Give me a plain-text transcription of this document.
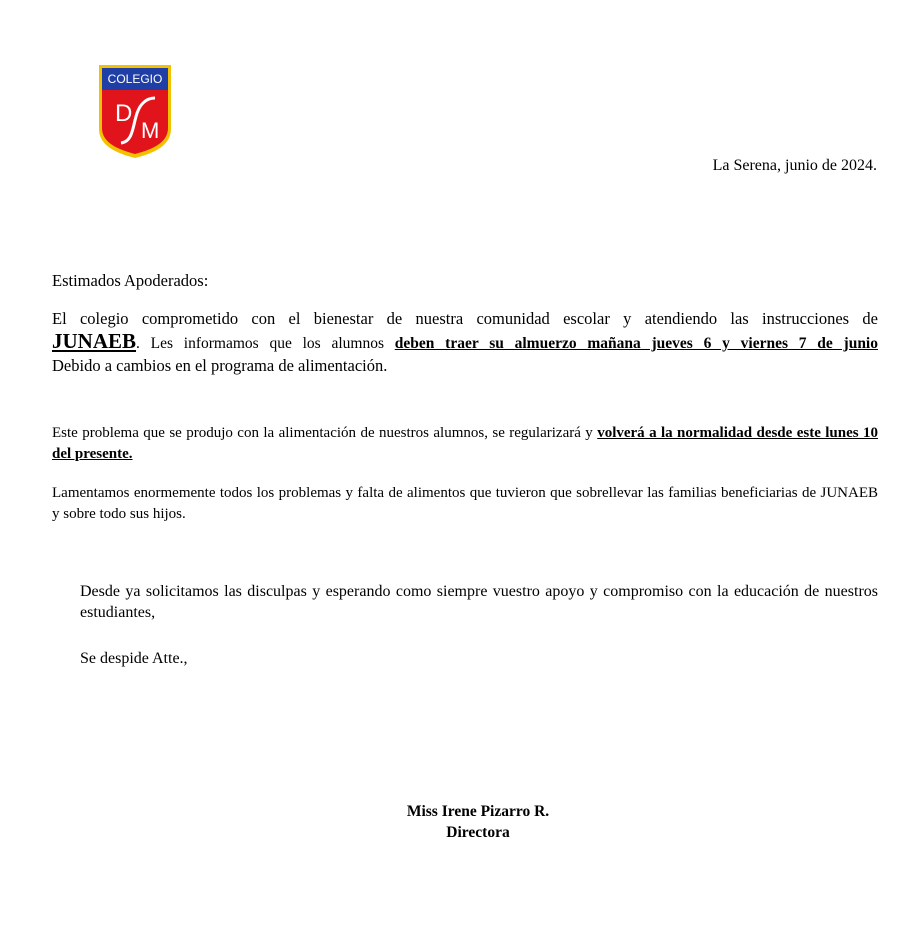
COLEGIO
D
M
La Serena, junio de 2024.
Estimados Apoderados:
El colegio comprometido con el bienestar de nuestra comunidad escolar y atendiendo las instrucciones de
JUNAEB. Les informamos que los alumnos deben traer su almuerzo mañana jueves 6 y viernes 7 de junio
Debido a cambios en el programa de alimentación.
Este problema que se produjo con la alimentación de nuestros alumnos, se regularizará y volverá a la normalidad desde este lunes 10 del presente.
Lamentamos enormemente todos los problemas y falta de alimentos que tuvieron que sobrellevar las familias beneficiarias de JUNAEB y sobre todo sus hijos.
Desde ya solicitamos las disculpas y esperando como siempre vuestro apoyo y compromiso con la educación de nuestros estudiantes,
Se despide Atte.,
Miss Irene Pizarro R.
Directora
